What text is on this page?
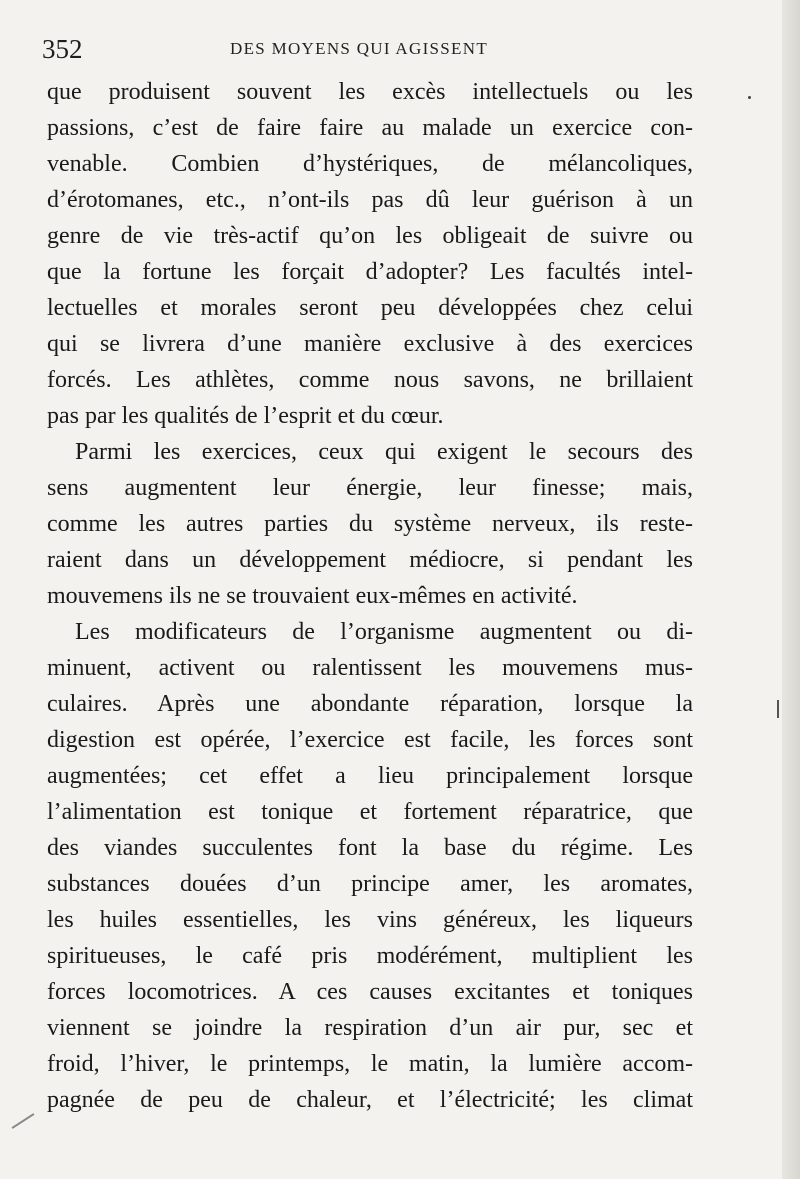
352	DES MOYENS QUI AGISSENT
que produisent souvent les excès intellectuels ou les
passions, c’est de faire faire au malade un exercice con-
venable. Combien d’hystériques, de mélancoliques,
d’érotomanes, etc., n’ont-ils pas dû leur guérison à un
genre de vie très-actif qu’on les obligeait de suivre ou
que la fortune les forçait d’adopter? Les facultés intel-
lectuelles et morales seront peu développées chez celui
qui se livrera d’une manière exclusive à des exercices
forcés. Les athlètes, comme nous savons, ne brillaient
pas par les qualités de l’esprit et du cœur.
Parmi les exercices, ceux qui exigent le secours des
sens augmentent leur énergie, leur finesse; mais,
comme les autres parties du système nerveux, ils reste-
raient dans un développement médiocre, si pendant les
mouvemens ils ne se trouvaient eux-mêmes en activité.
Les modificateurs de l’organisme augmentent ou di-
minuent, activent ou ralentissent les mouvemens mus-
culaires. Après une abondante réparation, lorsque la
digestion est opérée, l’exercice est facile, les forces sont
augmentées; cet effet a lieu principalement lorsque
l’alimentation est tonique et fortement réparatrice, que
des viandes succulentes font la base du régime. Les
substances douées d’un principe amer, les aromates,
les huiles essentielles, les vins généreux, les liqueurs
spiritueuses, le café pris modérément, multiplient les
forces locomotrices. A ces causes excitantes et toniques
viennent se joindre la respiration d’un air pur, sec et
froid, l’hiver, le printemps, le matin, la lumière accom-
pagnée de peu de chaleur, et l’électricité; les climat
